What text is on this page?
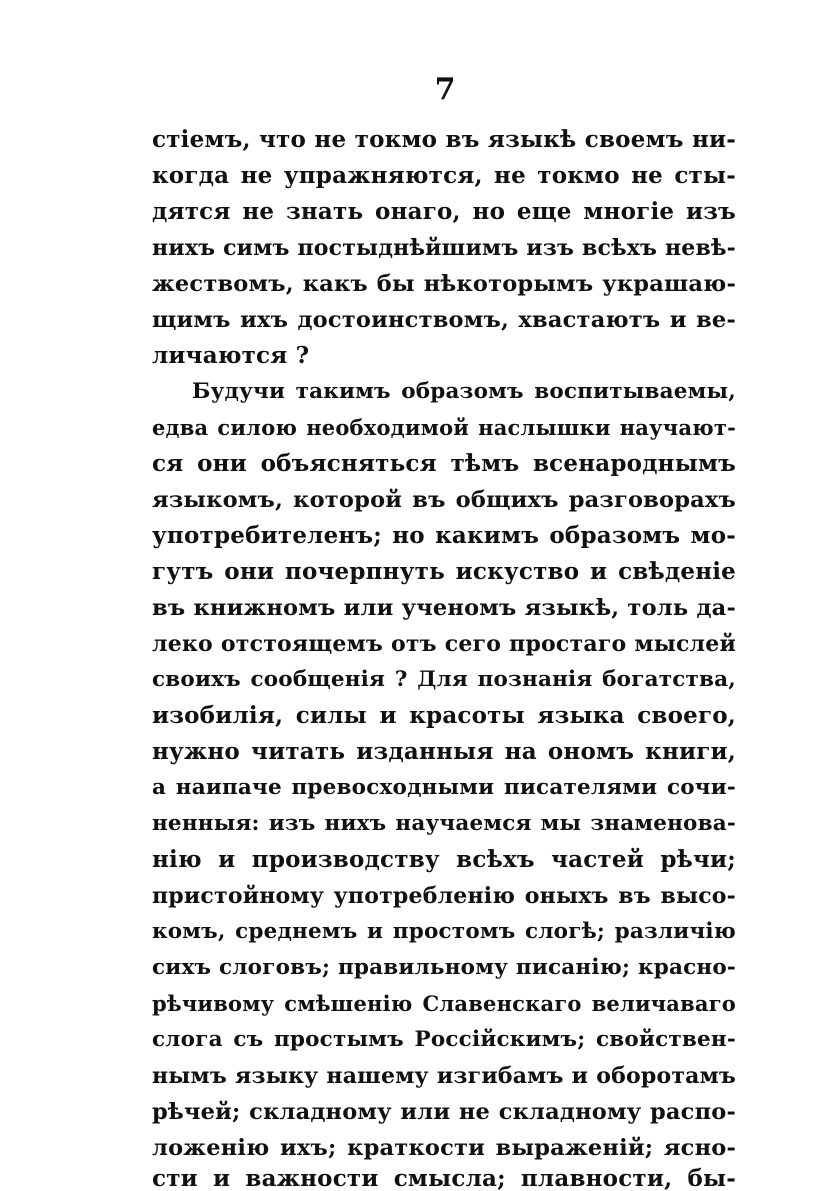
7
стіемъ, что не токмо въ языкѣ своемъ ни-
когда не упражняются, не токмо не сты-
дятся не знать онаго, но еще многіе изъ
нихъ симъ постыднѣйшимъ изъ всѣхъ невѣ-
жествомъ, какъ бы нѣкоторымъ украшаю-
щимъ ихъ достоинствомъ, хвастаютъ и ве-
личаются ?
Будучи такимъ образомъ воспитываемы,
едва силою необходимой наслышки научают-
ся они объясняться тѣмъ всенароднымъ
языкомъ, которой въ общихъ разговорахъ
употребителенъ; но какимъ образомъ мо-
гутъ они почерпнуть искуство и свѣденіе
въ книжномъ или ученомъ языкѣ, толь да-
леко отстоящемъ отъ сего простаго мыслей
своихъ сообщенія ? Для познанія богатства,
изобилія, силы и красоты языка своего,
нужно читать изданныя на ономъ книги,
а наипаче превосходными писателями сочи-
ненныя: изъ нихъ научаемся мы знаменова-
нію и производству всѣхъ частей рѣчи;
пристойному употребленію оныхъ въ высо-
комъ, среднемъ и простомъ слогѣ; различію
сихъ слоговъ; правильному писанію; красно-
рѣчивому смѣшенію Славенскаго величаваго
слога съ простымъ Россійскимъ; свойствен-
нымъ языку нашему изгибамъ и оборотамъ
рѣчей; складному или не складному распо-
ложенію ихъ; краткости выраженій; ясно-
сти и важности смысла; плавности, бы-
